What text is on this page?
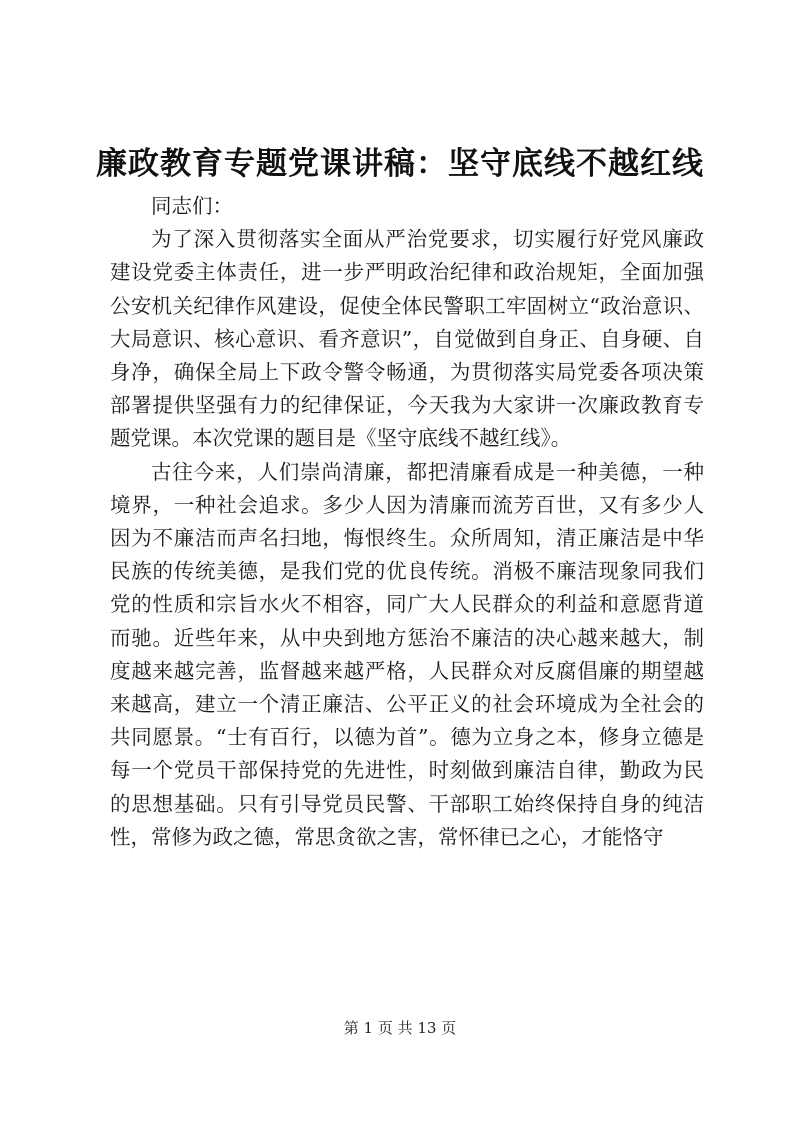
廉政教育专题党课讲稿：坚守底线不越红线

同志们：

为了深入贯彻落实全面从严治党要求，切实履行好党风廉政建设党委主体责任，进一步严明政治纪律和政治规矩，全面加强公安机关纪律作风建设，促使全体民警职工牢固树立“政治意识、大局意识、核心意识、看齐意识”，自觉做到自身正、自身硬、自身净，确保全局上下政令警令畅通，为贯彻落实局党委各项决策部署提供坚强有力的纪律保证，今天我为大家讲一次廉政教育专题党课。本次党课的题目是《坚守底线不越红线》。

古往今来，人们崇尚清廉，都把清廉看成是一种美德，一种境界，一种社会追求。多少人因为清廉而流芳百世，又有多少人因为不廉洁而声名扫地，悔恨终生。众所周知，清正廉洁是中华民族的传统美德，是我们党的优良传统。消极不廉洁现象同我们党的性质和宗旨水火不相容，同广大人民群众的利益和意愿背道而驰。近些年来，从中央到地方惩治不廉洁的决心越来越大，制度越来越完善，监督越来越严格，人民群众对反腐倡廉的期望越来越高，建立一个清正廉洁、公平正义的社会环境成为全社会的共同愿景。“士有百行，以德为首”。德为立身之本，修身立德是每一个党员干部保持党的先进性，时刻做到廉洁自律，勤政为民的思想基础。只有引导党员民警、干部职工始终保持自身的纯洁性，常修为政之德，常思贪欲之害，常怀律已之心，才能恪守

第 1 页 共 13 页
